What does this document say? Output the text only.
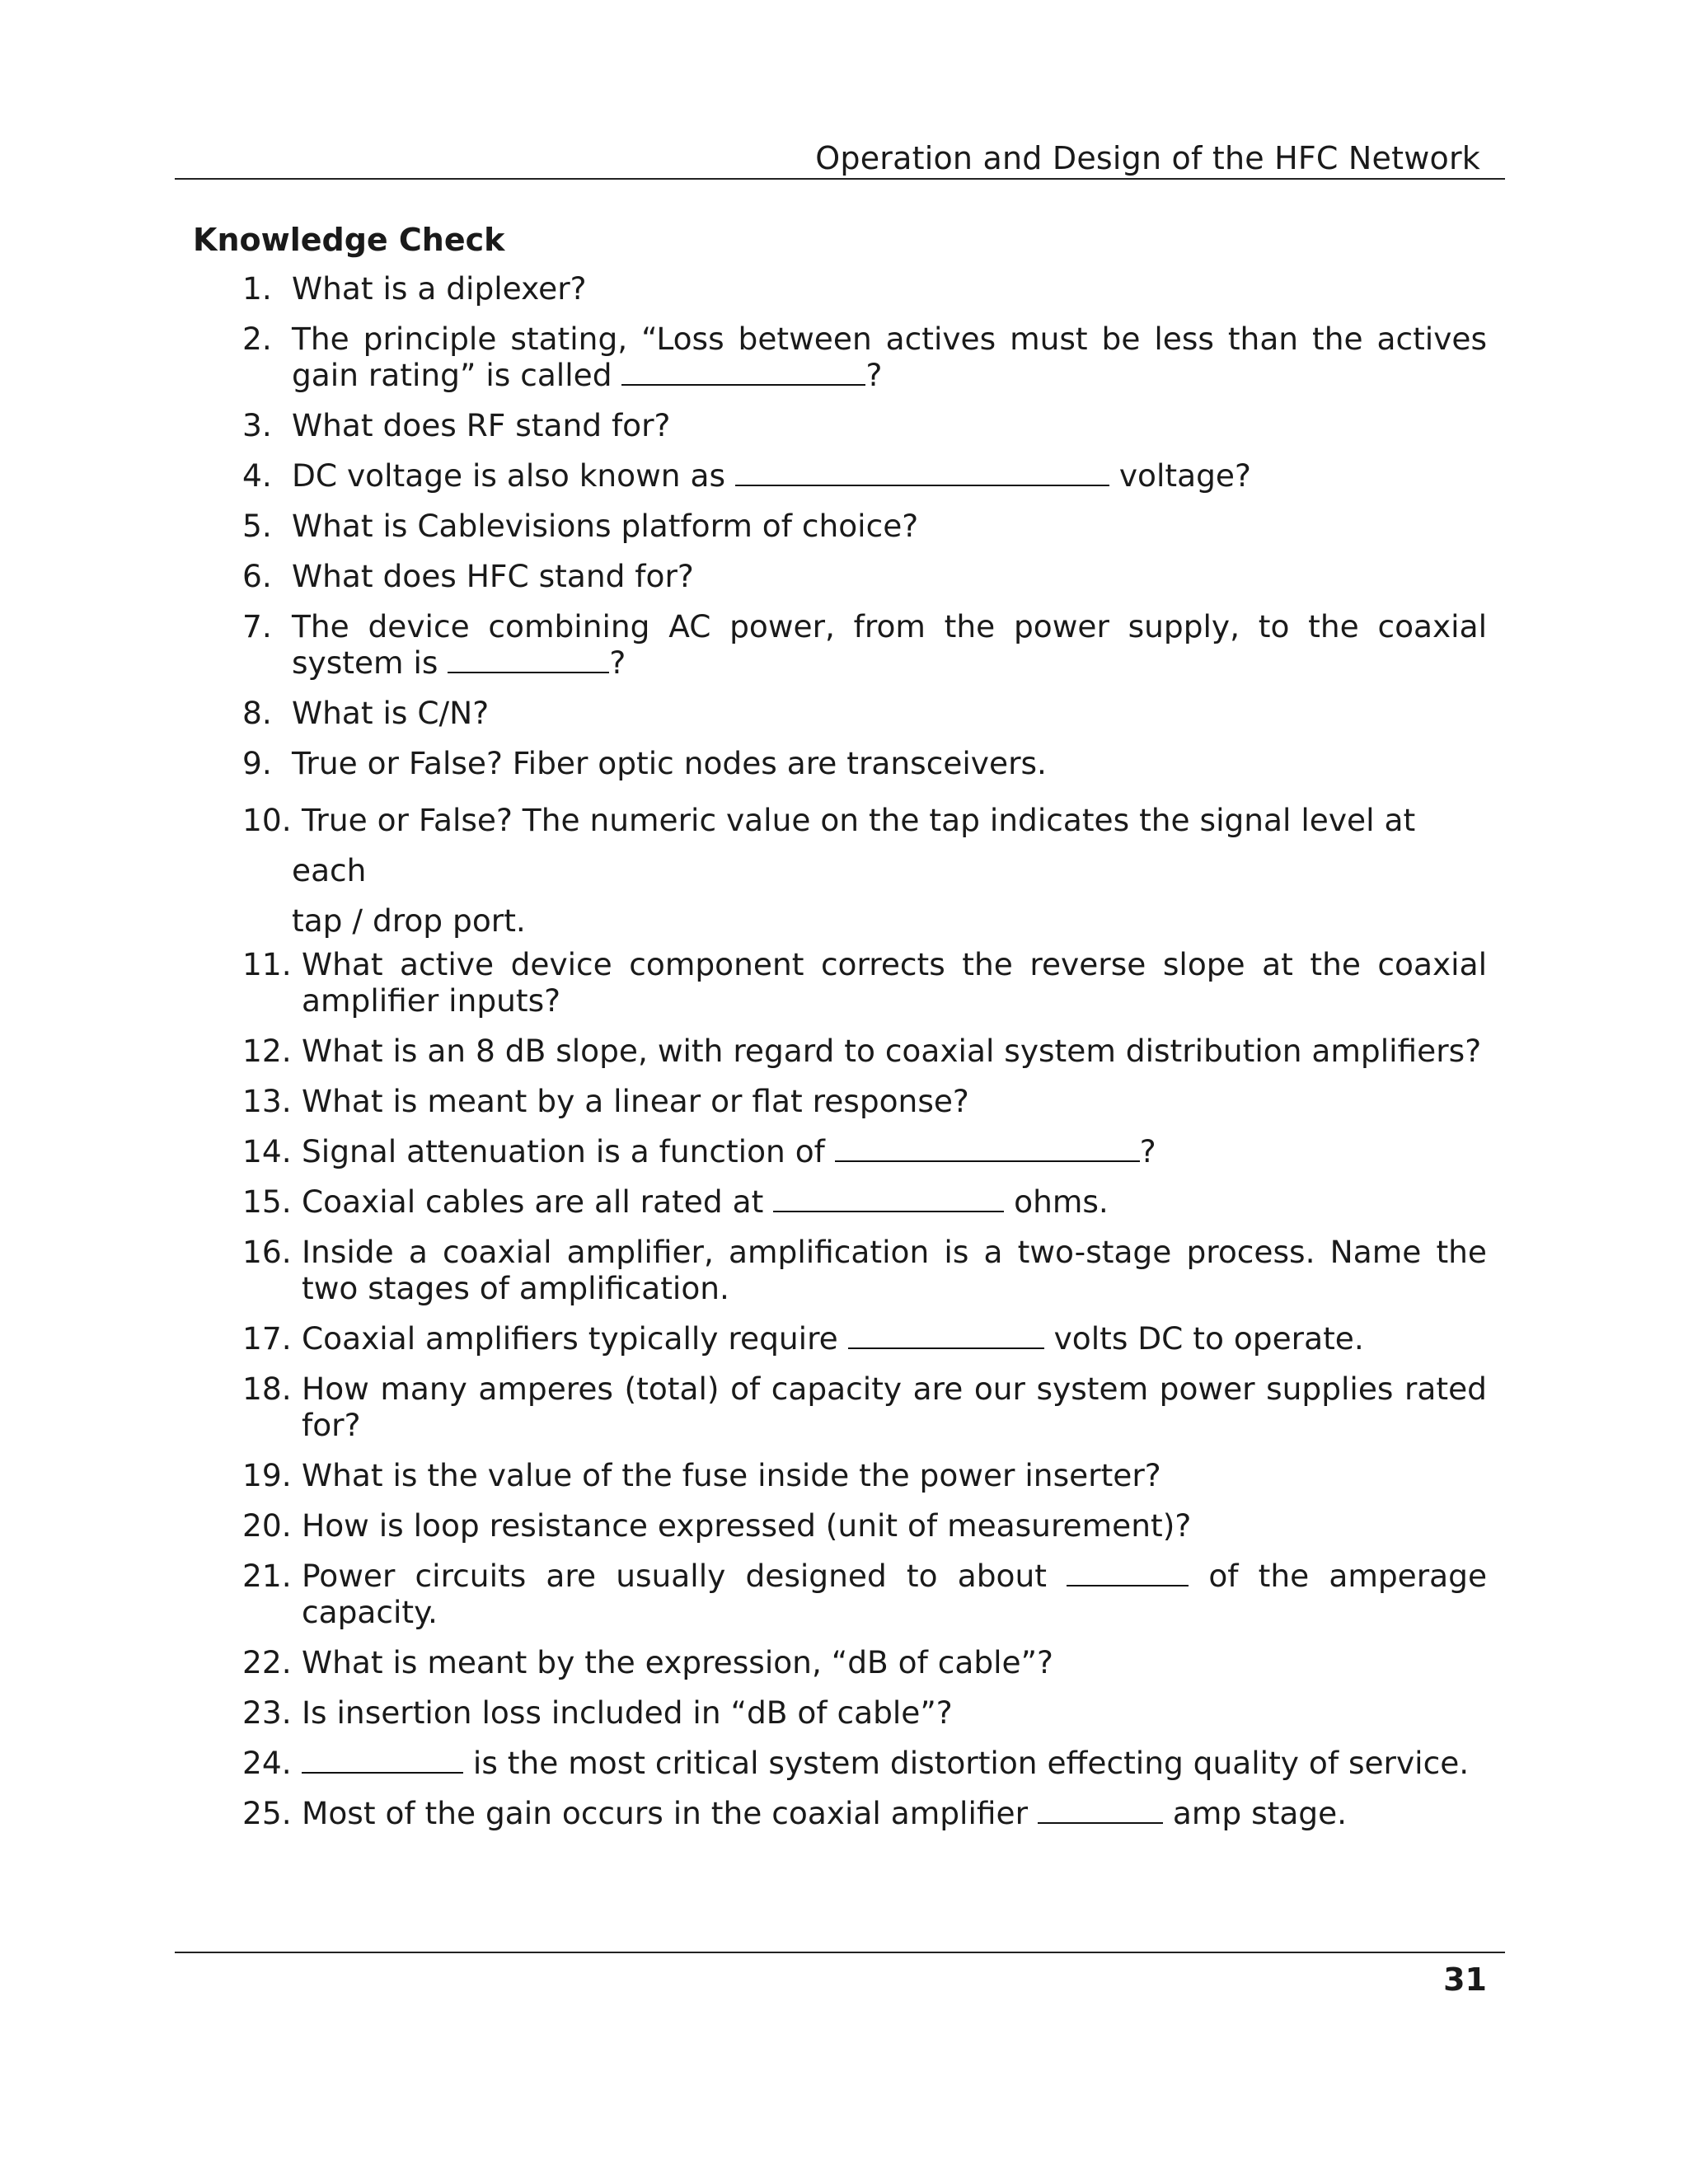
Operation and Design of the HFC Network
Knowledge Check
1. What is a diplexer?
2. The principle stating, “Loss between actives must be less than the actives gain rating” is called	?
3. What does RF stand for?
4. DC voltage is also known as	voltage?
5. What is Cablevisions platform of choice?
6. What does HFC stand for?
7. The device combining AC power, from the power supply, to the coaxial system is	?
8. What is C/N?
9. True or False? Fiber optic nodes are transceivers.
10. True or False? The numeric value on the tap indicates the signal level at each
tap / drop port.
11. What active device component corrects the reverse slope at the coaxial amplifier inputs?
12. What is an 8 dB slope, with regard to coaxial system distribution amplifiers?
13. What is meant by a linear or flat response?
14. Signal attenuation is a function of	?
15. Coaxial cables are all rated at	ohms.
16. Inside a coaxial amplifier, amplification is a two-stage process. Name the two stages of amplification.
17. Coaxial amplifiers typically require	volts DC to operate.
18. How many amperes (total) of capacity are our system power supplies rated for?
19. What is the value of the fuse inside the power inserter?
20. How is loop resistance expressed (unit of measurement)?
21. Power circuits are usually designed to about	of the amperage capacity.
22. What is meant by the expression, “dB of cable”?
23. Is insertion loss included in “dB of cable”?
24.	is the most critical system distortion effecting quality of service.
25. Most of the gain occurs in the coaxial amplifier	amp stage.
31
